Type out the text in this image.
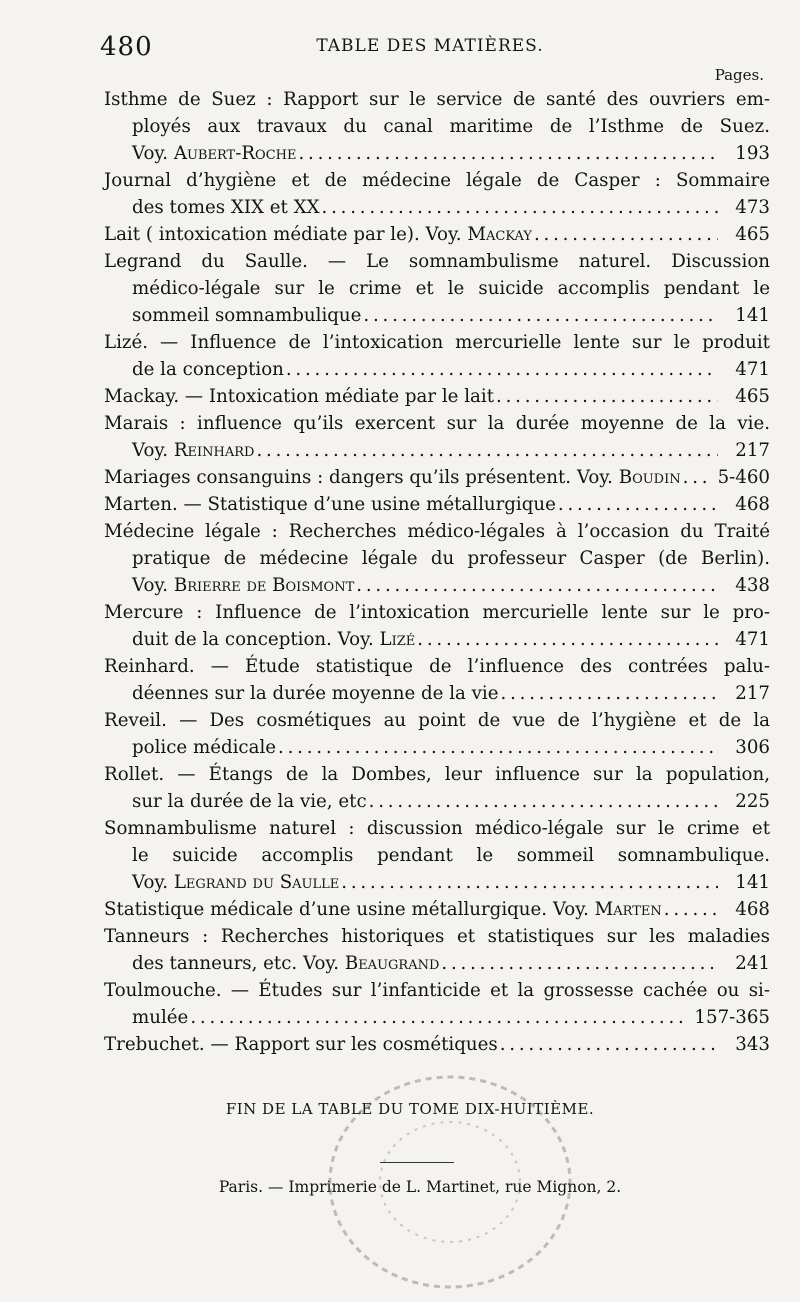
480	TABLE DES MATIÈRES.
Pages.
Isthme de Suez : Rapport sur le service de santé des ouvriers em-
ployés aux travaux du canal maritime de l’Isthme de Suez.
Voy. Aubert-Roche . . .	193
Journal d’hygiène et de médecine légale de Casper : Sommaire
des tomes XIX et XX . . .	473
Lait ( intoxication médiate par le). Voy. Mackay . . .	465
Legrand du Saulle. — Le somnambulisme naturel. Discussion
médico-légale sur le crime et le suicide accomplis pendant le
sommeil somnambulique . . .	141
Lizé. — Influence de l’intoxication mercurielle lente sur le produit
de la conception . . .	471
Mackay. — Intoxication médiate par le lait . . .	465
Marais : influence qu’ils exercent sur la durée moyenne de la vie.
Voy. Reinhard . . .	217
Mariages consanguins : dangers qu’ils présentent. Voy. Boudin . . . 5-460
Marten. — Statistique d’une usine métallurgique . . .	468
Médecine légale : Recherches médico-légales à l’occasion du Traité
pratique de médecine légale du professeur Casper (de Berlin).
Voy. Brierre de Boismont . . .	438
Mercure : Influence de l’intoxication mercurielle lente sur le pro-
duit de la conception. Voy. Lizé . . .	471
Reinhard. — Étude statistique de l’influence des contrées palu-
déennes sur la durée moyenne de la vie . . .	217
Reveil. — Des cosmétiques au point de vue de l’hygiène et de la
police médicale . . .	306
Rollet. — Étangs de la Dombes, leur influence sur la population,
sur la durée de la vie, etc . . .	225
Somnambulisme naturel : discussion médico-légale sur le crime et
le suicide accomplis pendant le sommeil somnambulique.
Voy. Legrand du Saulle . . .	141
Statistique médicale d’une usine métallurgique. Voy. Marten . . .	468
Tanneurs : Recherches historiques et statistiques sur les maladies
des tanneurs, etc. Voy. Beaugrand . . .	241
Toulmouche. — Études sur l’infanticide et la grossesse cachée ou si-
mulée . . .	157-365
Trebuchet. — Rapport sur les cosmétiques . . .	343
FIN DE LA TABLE DU TOME DIX-HUITIÈME.
Paris. — Imprimerie de L. Martinet, rue Mignon, 2.
